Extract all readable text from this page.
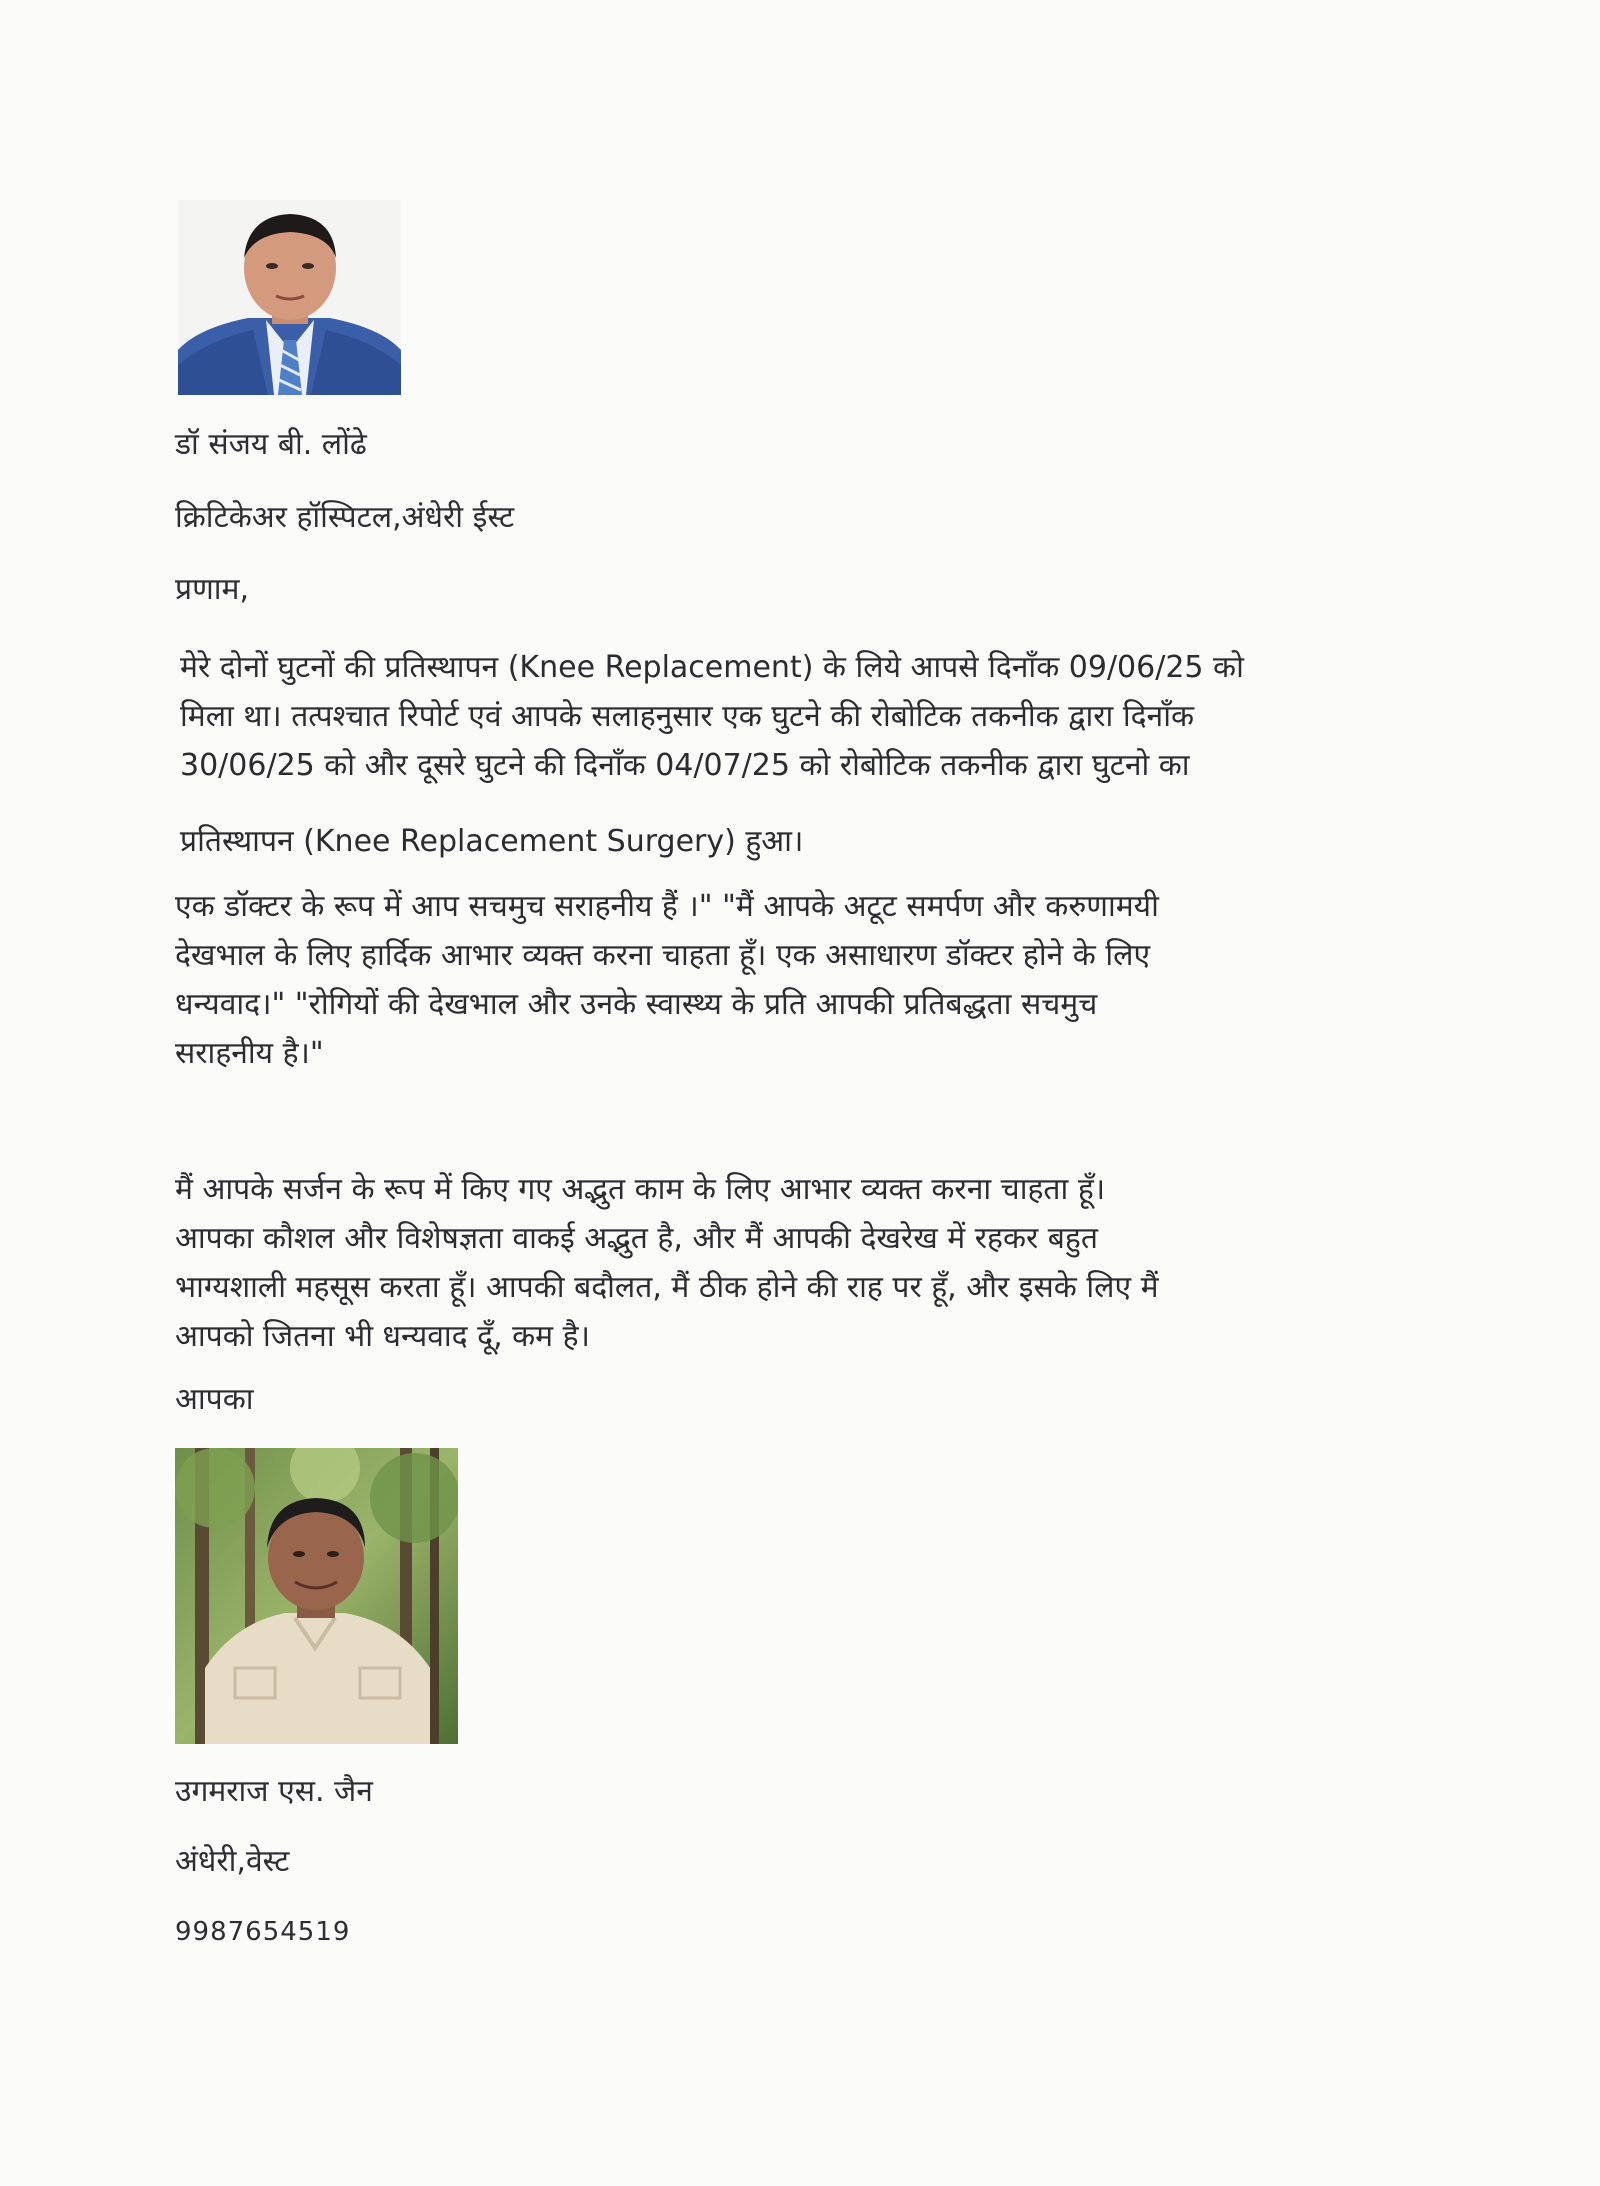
डॉ संजय बी. लोंढे
क्रिटिकेअर हॉस्पिटल,अंधेरी ईस्ट
प्रणाम,
मेरे दोनों घुटनों की प्रतिस्थापन (Knee Replacement) के लिये आपसे दिनाँक 09/06/25 को
मिला था। तत्पश्चात रिपोर्ट एवं आपके सलाहनुसार एक घुटने की रोबोटिक तकनीक द्वारा दिनाँक
30/06/25 को और दूसरे घुटने की दिनाँक 04/07/25 को रोबोटिक तकनीक द्वारा घुटनो का
प्रतिस्थापन (Knee Replacement Surgery) हुआ।
एक डॉक्टर के रूप में आप सचमुच सराहनीय हैं ।" "मैं आपके अटूट समर्पण और करुणामयी
देखभाल के लिए हार्दिक आभार व्यक्त करना चाहता हूँ। एक असाधारण डॉक्टर होने के लिए
धन्यवाद।" "रोगियों की देखभाल और उनके स्वास्थ्य के प्रति आपकी प्रतिबद्धता सचमुच
सराहनीय है।"
मैं आपके सर्जन के रूप में किए गए अद्भुत काम के लिए आभार व्यक्त करना चाहता हूँ।
आपका कौशल और विशेषज्ञता वाकई अद्भुत है, और मैं आपकी देखरेख में रहकर बहुत
भाग्यशाली महसूस करता हूँ। आपकी बदौलत, मैं ठीक होने की राह पर हूँ, और इसके लिए मैं
आपको जितना भी धन्यवाद दूँ, कम है।
आपका
उगमराज एस. जैन
अंधेरी,वेस्ट
9987654519
